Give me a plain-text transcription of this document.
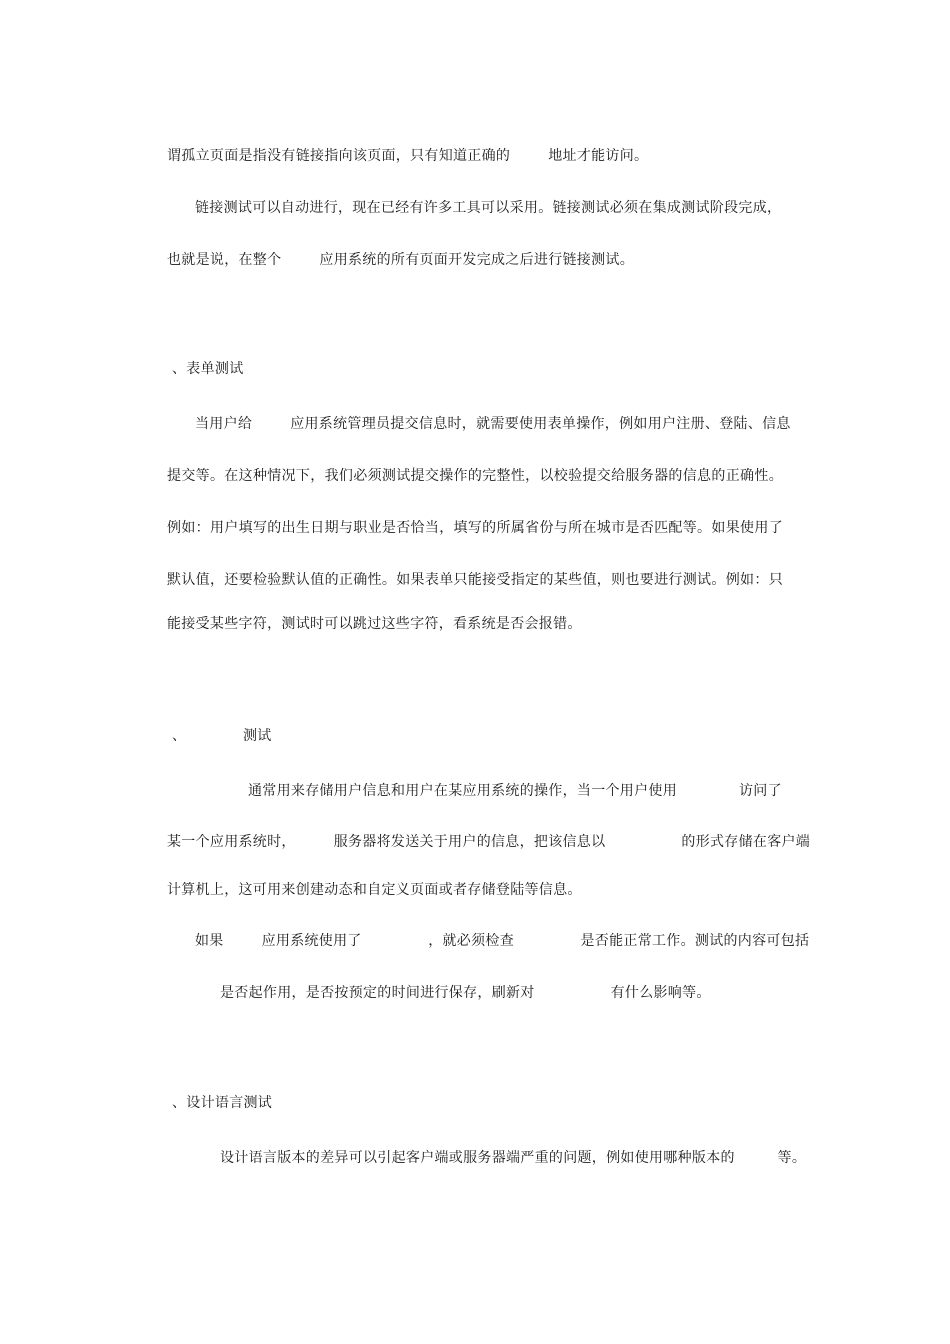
谓孤立页面是指没有链接指向该页面，只有知道正确的        地址才能访问。
链接测试可以自动进行，现在已经有许多工具可以采用。链接测试必须在集成测试阶段完成，
也就是说，在整个        应用系统的所有页面开发完成之后进行链接测试。
、表单测试
当用户给        应用系统管理员提交信息时，就需要使用表单操作，例如用户注册、登陆、信息
提交等。在这种情况下，我们必须测试提交操作的完整性，以校验提交给服务器的信息的正确性。
例如：用户填写的出生日期与职业是否恰当，填写的所属省份与所在城市是否匹配等。如果使用了
默认值，还要检验默认值的正确性。如果表单只能接受指定的某些值，则也要进行测试。例如：只
能接受某些字符，测试时可以跳过这些字符，看系统是否会报错。
、	测试
通常用来存储用户信息和用户在某应用系统的操作，当一个用户使用	访问了
某一个应用系统时，        服务器将发送关于用户的信息，把该信息以                的形式存储在客户端
计算机上，这可用来创建动态和自定义页面或者存储登陆等信息。
如果        应用系统使用了              ，就必须检查              是否能正常工作。测试的内容可包括
是否起作用，是否按预定的时间进行保存，刷新对                有什么影响等。
、设计语言测试
设计语言版本的差异可以引起客户端或服务器端严重的问题，例如使用哪种版本的         等。
